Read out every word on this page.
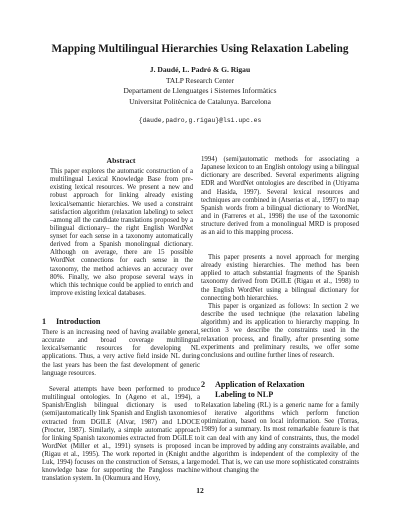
Mapping Multilingual Hierarchies Using Relaxation Labeling
J. Daudé, L. Padró & G. Rigau
TALP Research Center
Departament de Llenguatges i Sistemes Informàtics
Universitat Politècnica de Catalunya. Barcelona
{daude,padro,g.rigau}@lsi.upc.es
Abstract

This paper explores the automatic construction of a multilingual Lexical Knowledge Base from pre-existing lexical resources. We present a new and robust approach for linking already existing lexical/semantic hierarchies. We used a constraint satisfaction algorithm (relaxation labeling) to select –among all the candidate translations proposed by a bilingual dictionary– the right English WordNet synset for each sense in a taxonomy automatically derived from a Spanish monolingual dictionary. Although on average, there are 15 possible WordNet connections for each sense in the taxonomy, the method achieves an accuracy over 80%. Finally, we also propose several ways in which this technique could be applied to enrich and improve existing lexical databases.

1 Introduction

There is an increasing need of having available general, accurate and broad coverage multilingual lexical/semantic resources for developing NL applications. Thus, a very active field inside NL during the last years has been the fast development of generic language resources.

Several attempts have been performed to produce multilingual ontologies. In (Ageno et al., 1994), a Spanish/English bilingual dictionary is used to (semi)automatically link Spanish and English taxonomies extracted from DGILE (Alvar, 1987) and LDOCE (Procter, 1987). Similarly, a simple automatic approach for linking Spanish taxonomies extracted from DGILE to WordNet (Miller et al., 1991) synsets is proposed in (Rigau et al., 1995). The work reported in (Knight and Luk, 1994) focuses on the construction of Sensus, a large knowledge base for supporting the Pangloss machine translation system. In (Okumura and Hovy,

1994) (semi)automatic methods for associating a Japanese lexicon to an English ontology using a bilingual dictionary are described. Several experiments aligning EDR and WordNet ontologies are described in (Utiyama and Hasida, 1997). Several lexical resources and techniques are combined in (Atserias et al., 1997) to map Spanish words from a bilingual dictionary to WordNet, and in (Farreres et al., 1998) the use of the taxonomic structure derived from a monolingual MRD is proposed as an aid to this mapping process.

This paper presents a novel approach for merging already existing hierarchies. The method has been applied to attach substantial fragments of the Spanish taxonomy derived from DGILE (Rigau et al., 1998) to the English WordNet using a bilingual dictionary for connecting both hierarchies.

This paper is organized as follows: In section 2 we describe the used technique (the relaxation labeling algorithm) and its application to hierarchy mapping. In section 3 we describe the constraints used in the relaxation process, and finally, after presenting some experiments and preliminary results, we offer some conclusions and outline further lines of research.

2 Application of Relaxation
Labeling to NLP

Relaxation labeling (RL) is a generic name for a family of iterative algorithms which perform function optimization, based on local information. See (Torras, 1989) for a summary. Its most remarkable feature is that it can deal with any kind of constraints, thus, the model can be improved by adding any constraints available, and the algorithm is independent of the complexity of the model. That is, we can use more sophisticated constraints without changing the

12
